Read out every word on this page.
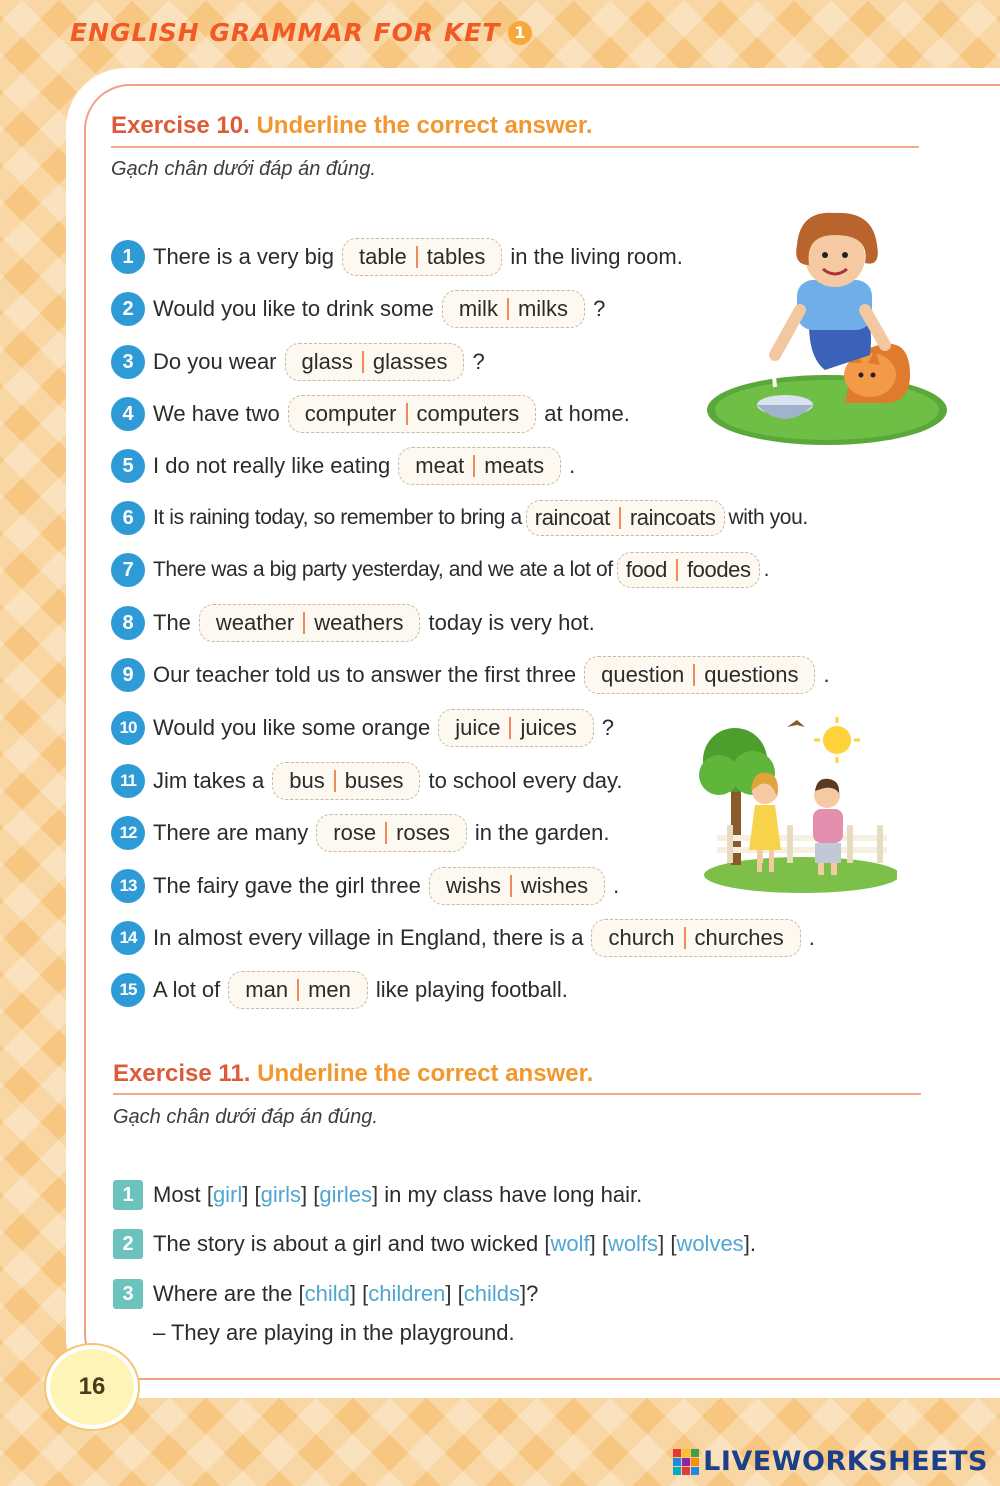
ENGLISH GRAMMAR FOR KET 1
Exercise 10. Underline the correct answer.

Gạch chân dưới đáp án đúng.

1 There is a very big table tables in the living room.
2 Would you like to drink some milk milks ?
3 Do you wear glass glasses ?
4 We have two computer computers at home.
5 I do not really like eating meat meats .
6 It is raining today, so remember to bring a raincoat raincoats with you.
7 There was a big party yesterday, and we ate a lot of food foodes .
8 The weather weathers today is very hot.
9 Our teacher told us to answer the first three question questions .
10 Would you like some orange juice juices ?
11 Jim takes a bus buses to school every day.
12 There are many rose roses in the garden.
13 The fairy gave the girl three wishs wishes .
14 In almost every village in England, there is a church churches .
15 A lot of man men like playing football.
Exercise 11. Underline the correct answer.

Gạch chân dưới đáp án đúng.

1 Most
[ girl ]
[ girls ]
[ girles ]
in my class have long hair.
2 The story is about a girl and two wicked
[ wolf ]
[ wolfs ]
[ wolves ] .
3 Where are the
[ child ]
[ children ]
[ childs ] ?

– They are playing in the playground.

16
LIVEWORKSHEETS
